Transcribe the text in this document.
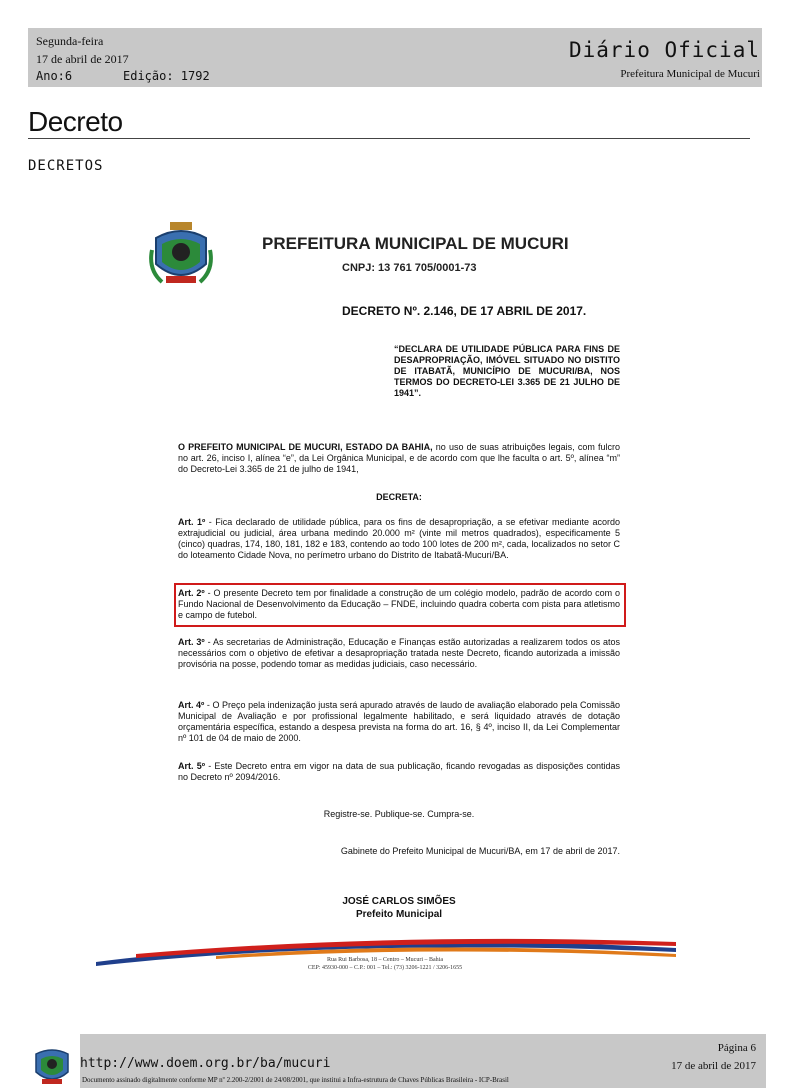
Segunda-feira
17 de abril de 2017
Ano:6	Edição: 1792
Diário Oficial
Prefeitura Municipal de Mucuri
Decreto
DECRETOS
PREFEITURA MUNICIPAL DE MUCURI
CNPJ: 13 761 705/0001-73
DECRETO Nº. 2.146, DE 17 ABRIL DE 2017.
“DECLARA DE UTILIDADE PÚBLICA PARA FINS DE DESAPROPRIAÇÃO, IMÓVEL SITUADO NO DISTITO DE ITABATÃ, MUNICÍPIO DE MUCURI/BA, NOS TERMOS DO DECRETO-LEI 3.365 DE 21 JULHO DE 1941”.
O PREFEITO MUNICIPAL DE MUCURI, ESTADO DA BAHIA, no uso de suas atribuições legais, com fulcro no art. 26, inciso I, alínea “e”, da Lei Orgânica Municipal, e de acordo com que lhe faculta o art. 5º, alínea “m” do Decreto-Lei 3.365 de 21 de julho de 1941,
DECRETA:
Art. 1º - Fica declarado de utilidade pública, para os fins de desapropriação, a se efetivar mediante acordo extrajudicial ou judicial, área urbana medindo 20.000 m² (vinte mil metros quadrados), especificamente 5 (cinco) quadras, 174, 180, 181, 182 e 183, contendo ao todo 100 lotes de 200 m², cada, localizados no setor C do loteamento Cidade Nova, no perímetro urbano do Distrito de Itabatã-Mucuri/BA.
Art. 2º - O presente Decreto tem por finalidade a construção de um colégio modelo, padrão de acordo com o Fundo Nacional de Desenvolvimento da Educação – FNDE, incluindo quadra coberta com pista para atletismo e campo de futebol.
Art. 3º - As secretarias de Administração, Educação e Finanças estão autorizadas a realizarem todos os atos necessários com o objetivo de efetivar a desapropriação tratada neste Decreto, ficando autorizada a imissão provisória na posse, podendo tomar as medidas judiciais, caso necessário.
Art. 4º - O Preço pela indenização justa será apurado através de laudo de avaliação elaborado pela Comissão Municipal de Avaliação e por profissional legalmente habilitado, e será liquidado através de dotação orçamentária específica, estando a despesa prevista na forma do art. 16, § 4º, inciso II, da Lei Complementar nº 101 de 04 de maio de 2000.
Art. 5º - Este Decreto entra em vigor na data de sua publicação, ficando revogadas as disposições contidas no Decreto nº 2094/2016.
Registre-se. Publique-se. Cumpra-se.
Gabinete do Prefeito Municipal de Mucuri/BA, em 17 de abril de 2017.
JOSÉ CARLOS SIMÕES
Prefeito Municipal
Rua Rui Barbosa, 18 – Centro – Mucuri – Bahia
CEP: 45930-000 – C.P.: 001 – Tel.: (73) 3206-1221 / 3206-1655
http://www.doem.org.br/ba/mucuri
Página 6
17 de abril de 2017
Documento assinado digitalmente conforme MP nº 2.200-2/2001 de 24/08/2001, que institui a Infra-estrutura de Chaves Públicas Brasileira - ICP-Brasil
